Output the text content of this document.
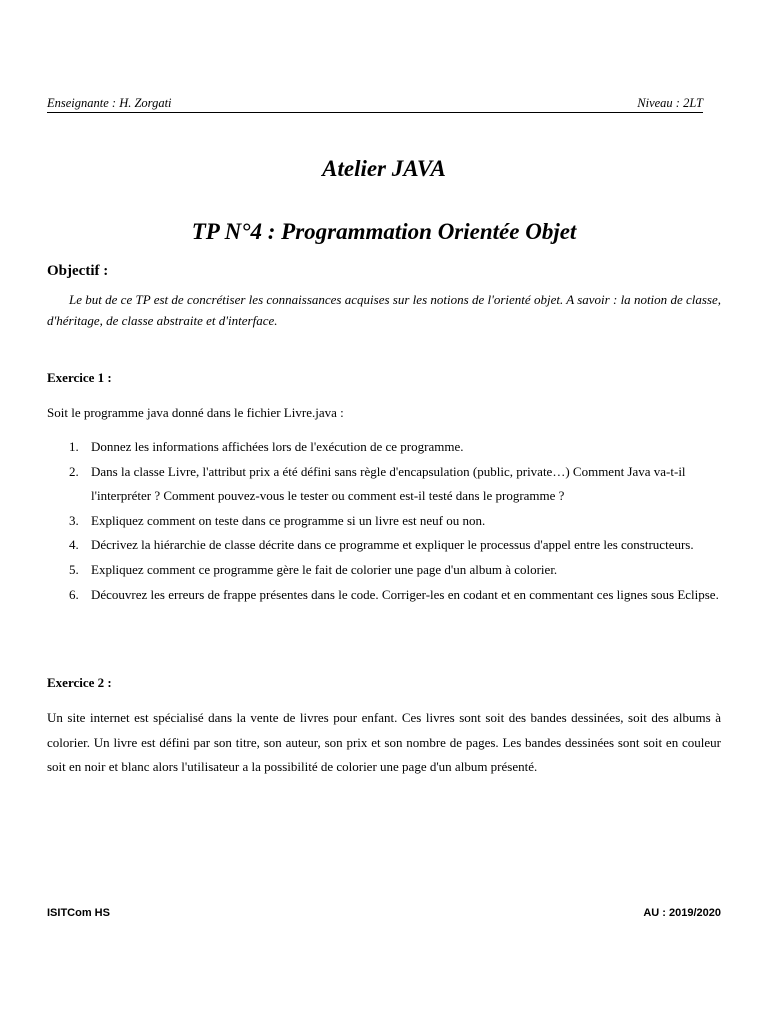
Enseignante : H. Zorgati	Niveau : 2LT
Atelier JAVA
TP N°4 : Programmation Orientée Objet
Objectif :
Le but de ce TP est de concrétiser les connaissances acquises sur les notions de l'orienté objet. A savoir : la notion de classe, d'héritage, de classe abstraite et d'interface.
Exercice 1 :
Soit le programme java donné dans le fichier Livre.java :
1. Donnez les informations affichées lors de l'exécution de ce programme.
2. Dans la classe Livre, l'attribut prix a été défini sans règle d'encapsulation (public, private…) Comment Java va-t-il l'interpréter ? Comment pouvez-vous le tester ou comment est-il testé dans le programme ?
3. Expliquez comment on teste dans ce programme si un livre est neuf ou non.
4. Décrivez la hiérarchie de classe décrite dans ce programme et expliquer le processus d'appel entre les constructeurs.
5. Expliquez comment ce programme gère le fait de colorier une page d'un album à colorier.
6. Découvrez les erreurs de frappe présentes dans le code. Corriger-les en codant et en commentant ces lignes sous Eclipse.
Exercice 2 :
Un site internet est spécialisé dans la vente de livres pour enfant. Ces livres sont soit des bandes dessinées, soit des albums à colorier. Un livre est défini par son titre, son auteur, son prix et son nombre de pages. Les bandes dessinées sont soit en couleur soit en noir et blanc alors l'utilisateur a la possibilité de colorier une page d'un album présenté.
ISITCom HS	AU : 2019/2020
